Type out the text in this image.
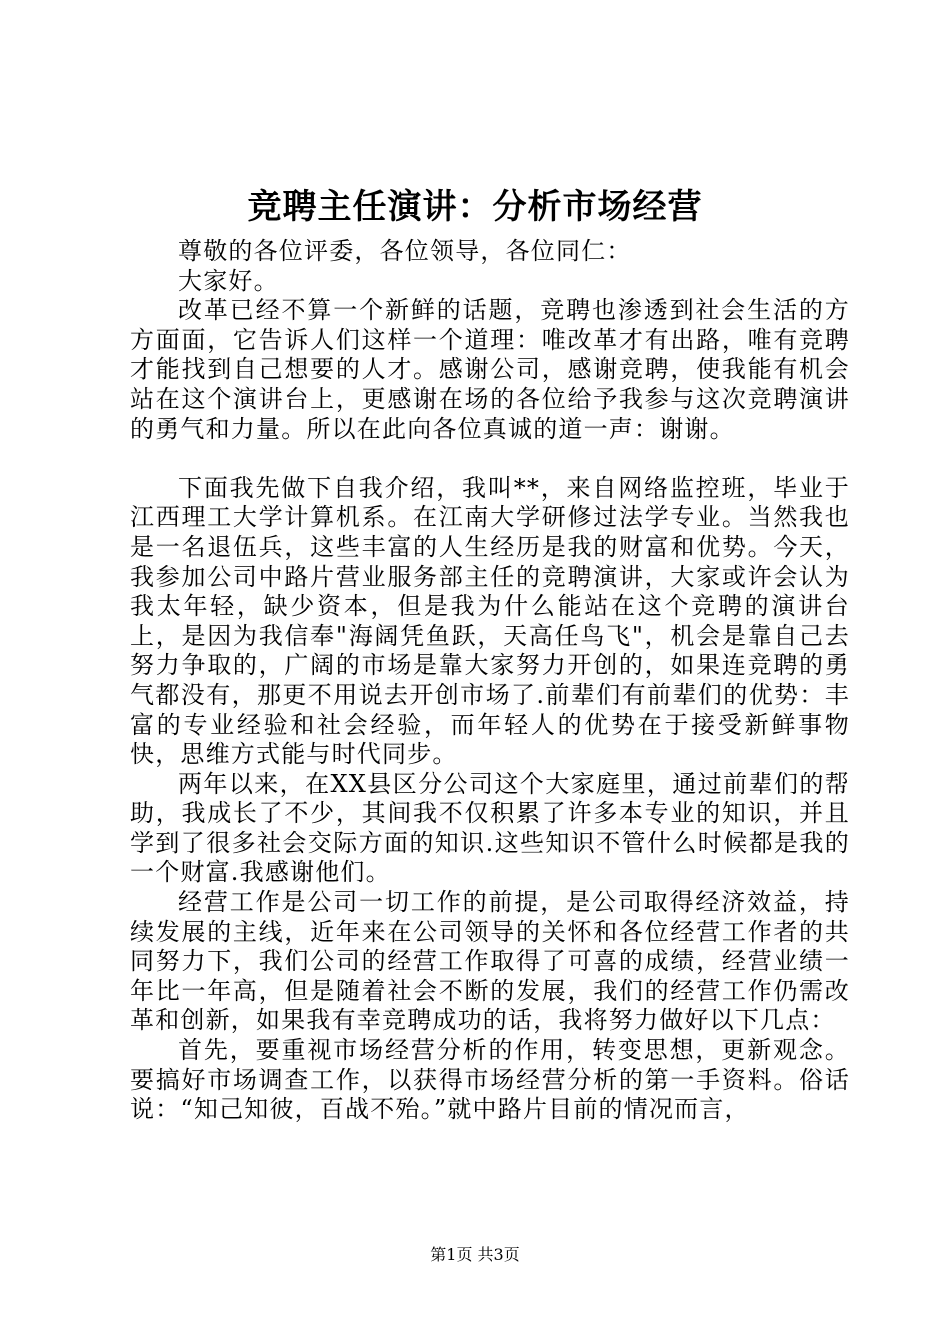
竞聘主任演讲：分析市场经营

尊敬的各位评委，各位领导，各位同仁：

大家好。

改革已经不算一个新鲜的话题，竞聘也渗透到社会生活的方方面面，它告诉人们这样一个道理：唯改革才有出路，唯有竞聘才能找到自己想要的人才。感谢公司，感谢竞聘，使我能有机会站在这个演讲台上，更感谢在场的各位给予我参与这次竞聘演讲的勇气和力量。所以在此向各位真诚的道一声：谢谢。

下面我先做下自我介绍，我叫**，来自网络监控班，毕业于江西理工大学计算机系。在江南大学研修过法学专业。当然我也是一名退伍兵，这些丰富的人生经历是我的财富和优势。今天，我参加公司中路片营业服务部主任的竞聘演讲，大家或许会认为我太年轻，缺少资本，但是我为什么能站在这个竞聘的演讲台上，是因为我信奉"海阔凭鱼跃，天高任鸟飞"，机会是靠自己去努力争取的，广阔的市场是靠大家努力开创的，如果连竞聘的勇气都没有，那更不用说去开创市场了.前辈们有前辈们的优势：丰富的专业经验和社会经验，而年轻人的优势在于接受新鲜事物快，思维方式能与时代同步。

两年以来，在XX县区分公司这个大家庭里，通过前辈们的帮助，我成长了不少，其间我不仅积累了许多本专业的知识，并且学到了很多社会交际方面的知识.这些知识不管什么时候都是我的一个财富.我感谢他们。

经营工作是公司一切工作的前提，是公司取得经济效益，持续发展的主线，近年来在公司领导的关怀和各位经营工作者的共同努力下，我们公司的经营工作取得了可喜的成绩，经营业绩一年比一年高，但是随着社会不断的发展，我们的经营工作仍需改革和创新，如果我有幸竞聘成功的话，我将努力做好以下几点：

首先，要重视市场经营分析的作用，转变思想，更新观念。要搞好市场调查工作，以获得市场经营分析的第一手资料。俗话说：“知己知彼，百战不殆。”就中路片目前的情况而言，

第1页 共3页
